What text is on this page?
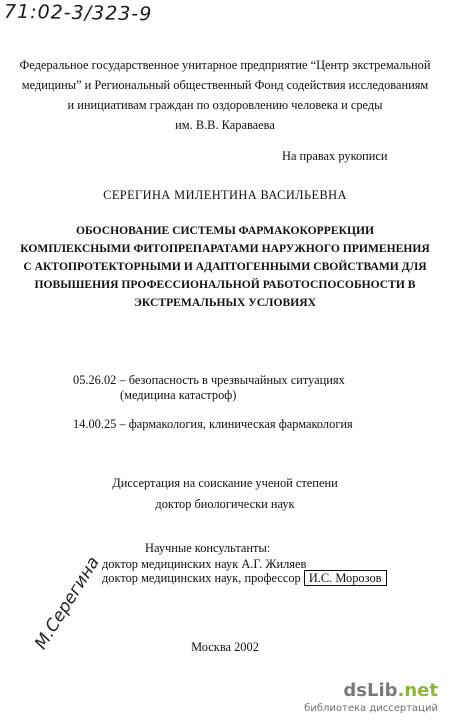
71:02-3/323-9
Федеральное государственное унитарное предприятие “Центр экстремальной
медицины” и Региональный общественный Фонд содействия исследованиям
и инициативам граждан по оздоровлению человека и среды
им. В.В. Караваева
На правах рукописи
СЕРЕГИНА МИЛЕНТИНА ВАСИЛЬЕВНА
ОБОСНОВАНИЕ СИСТЕМЫ ФАРМАКОКОРРЕКЦИИ
КОМПЛЕКСНЫМИ ФИТОПРЕПАРАТАМИ НАРУЖНОГО ПРИМЕНЕНИЯ
С АКТОПРОТЕКТОРНЫМИ И АДАПТОГЕННЫМИ СВОЙСТВАМИ ДЛЯ
ПОВЫШЕНИЯ ПРОФЕССИОНАЛЬНОЙ РАБОТОСПОСОБНОСТИ В
ЭКСТРЕМАЛЬНЫХ УСЛОВИЯХ
05.26.02 – безопасность в чрезвычайных ситуациях
(медицина катастроф)
14.00.25 – фармакология, клиническая фармакология
Диссертация на соискание ученой степени
доктор биологически наук
Научные консультанты:
доктор медицинских наук А.Г. Жиляев
доктор медицинских наук, профессор И.С. Морозов
М.Серегина	Москва 2002
dsLib.net
библиотека диссертаций
